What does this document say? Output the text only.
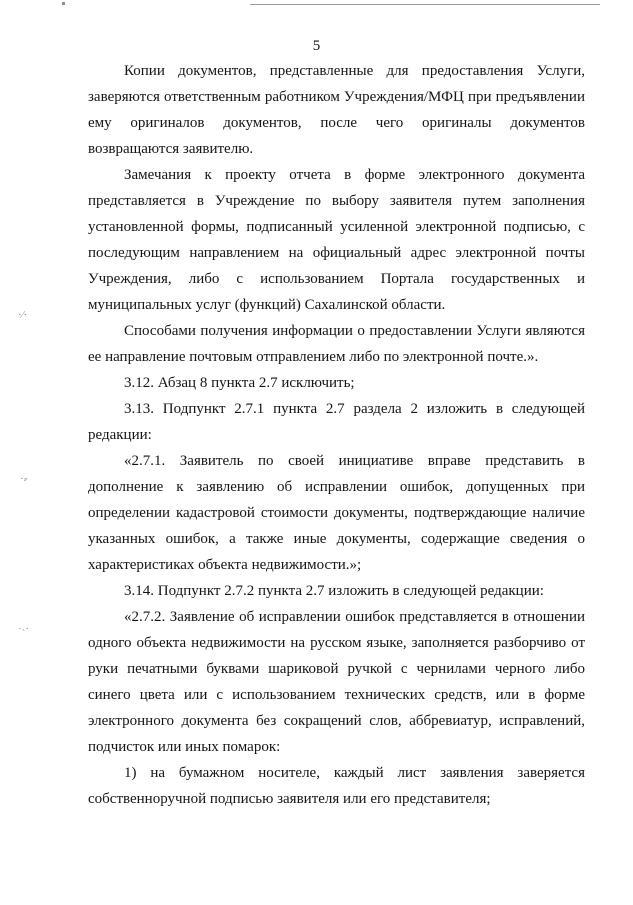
5

Копии документов, представленные для предоставления Услуги, заверяются ответственным работником Учреждения/МФЦ при предъявлении ему оригиналов документов, после чего оригиналы документов возвращаются заявителю.

Замечания к проекту отчета в форме электронного документа представляется в Учреждение по выбору заявителя путем заполнения установленной формы, подписанный усиленной электронной подписью, с последующим направлением на официальный адрес электронной почты Учреждения, либо с использованием Портала государственных и муниципальных услуг (функций) Сахалинской области.

Способами получения информации о предоставлении Услуги являются ее направление почтовым отправлением либо по электронной почте.».

3.12. Абзац 8 пункта 2.7 исключить;

3.13. Подпункт 2.7.1 пункта 2.7 раздела 2 изложить в следующей редакции:

«2.7.1. Заявитель по своей инициативе вправе представить в дополнение к заявлению об исправлении ошибок, допущенных при определении кадастровой стоимости документы, подтверждающие наличие указанных ошибок, а также иные документы, содержащие сведения о характеристиках объекта недвижимости.»;

3.14. Подпункт 2.7.2 пункта 2.7 изложить в следующей редакции:

«2.7.2. Заявление об исправлении ошибок представляется в отношении одного объекта недвижимости на русском языке, заполняется разборчиво от руки печатными буквами шариковой ручкой с чернилами черного либо синего цвета или с использованием технических средств, или в форме электронного документа без сокращений слов, аббревиатур, исправлений, подчисток или иных помарок:

1) на бумажном носителе, каждый лист заявления заверяется собственноручной подписью заявителя или его представителя;

·⁄·
·⸗
·˴·
